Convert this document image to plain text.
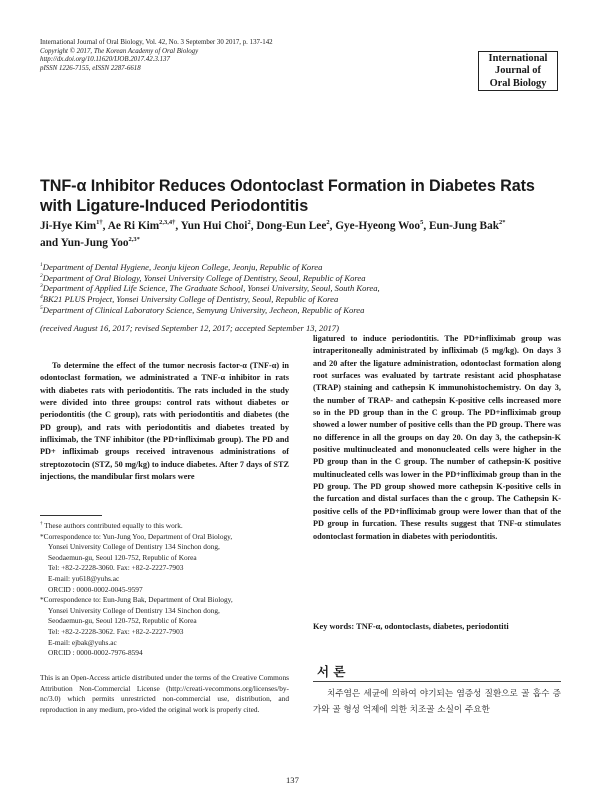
International Journal of Oral Biology, Vol. 42, No. 3 September 30 2017, p. 137-142
Copyright © 2017, The Korean Academy of Oral Biology
http://dx.doi.org/10.11620/IJOB.2017.42.3.137
pISSN 1226-7155, eISSN 2287-6618
International
Journal of
Oral Biology
TNF-α Inhibitor Reduces Odontoclast Formation in Diabetes Rats with Ligature-Induced Periodontitis
Ji-Hye Kim$^{1\dagger}$, Ae Ri Kim$^{2,3,4\dagger}$, Yun Hui Choi$^2$, Dong-Eun Lee$^2$, Gye-Hyeong Woo$^5$, Eun-Jung Bak$^{2*}$
and Yun-Jung Yoo$^{2,3*}$
$^1$Department of Dental Hygiene, Jeonju kijeon College, Jeonju, Republic of Korea
$^2$Department of Oral Biology, Yonsei University College of Dentistry, Seoul, Republic of Korea
$^3$Department of Applied Life Science, The Graduate School, Yonsei University, Seoul, South Korea,
$^4$BK21 PLUS Project, Yonsei University College of Dentistry, Seoul, Republic of Korea
$^5$Department of Clinical Laboratory Science, Semyung University, Jecheon, Republic of Korea
(received August 16, 2017; revised September 12, 2017; accepted September 13, 2017)
To determine the effect of the tumor necrosis factor-α (TNF-α) in odontoclast formation, we administrated a TNF-α inhibitor in rats with diabetes rats with periodontitis. The rats included in the study were divided into three groups: control rats without diabetes or periodontitis (the C group), rats with periodontitis and diabetes (the PD group), and rats with periodontitis and diabetes treated by infliximab, the TNF inhibitor (the PD+infliximab group). The PD and PD+ infliximab groups received intravenous administrations of streptozotocin (STZ, 50 mg/kg) to induce diabetes. After 7 days of STZ injections, the mandibular first molars were
ligatured to induce periodontitis. The PD+infliximab group was intraperitoneally administrated by infliximab (5 mg/kg). On days 3 and 20 after the ligature administration, odontoclast formation along root surfaces was evaluated by tartrate resistant acid phosphatase (TRAP) staining and cathepsin K immunohistochemistry. On day 3, the number of TRAP- and cathepsin K-positive cells increased more so in the PD group than in the C group. The PD+infliximab group showed a lower number of positive cells than the PD group. There was no difference in all the groups on day 20. On day 3, the cathepsin-K positive multinucleated and mononucleated cells were higher in the PD group than in the C group. The number of cathepsin-K positive multinucleated cells was lower in the PD+infliximab group than in the PD group. The PD group showed more cathepsin K-positive cells in the furcation and distal surfaces than the c group. The Cathepsin K-positive cells of the PD+infliximab group were lower than that of the PD group in furcation. These results suggest that TNF-α stimulates odontoclast formation in diabetes with periodontitis.
Key words: TNF-α, odontoclasts, diabetes, periodontiti
† These authors contributed equally to this work.
*Correspondence to: Yun-Jung Yoo, Department of Oral Biology,
Yonsei University College of Dentistry 134 Sinchon dong,
Seodaemun-gu, Seoul 120-752, Republic of Korea
Tel: +82-2-2228-3060. Fax: +82-2-2227-7903
E-mail: yu618@yuhs.ac
ORCID : 0000-0002-0045-9597
*Correspondence to: Eun-Jung Bak, Department of Oral Biology,
Yonsei University College of Dentistry 134 Sinchon dong,
Seodaemun-gu, Seoul 120-752, Republic of Korea
Tel: +82-2-2228-3062. Fax: +82-2-2227-7903
E-mail: ejbak@yuhs.ac
ORCID : 0000-0002-7976-8594
This is an Open-Access article distributed under the terms of the Creative Commons Attribution Non-Commercial License (http://creati-vecommons.org/licenses/by-nc/3.0) which permits unrestricted non-commercial use, distribution, and reproduction in any medium, pro-vided the original work is properly cited.
서 론
치주염은 세균에 의하여 야기되는 염증성 질환으로 골 흡수 증가와 골 형성 억제에 의한 치조골 소실이 주요한
137
